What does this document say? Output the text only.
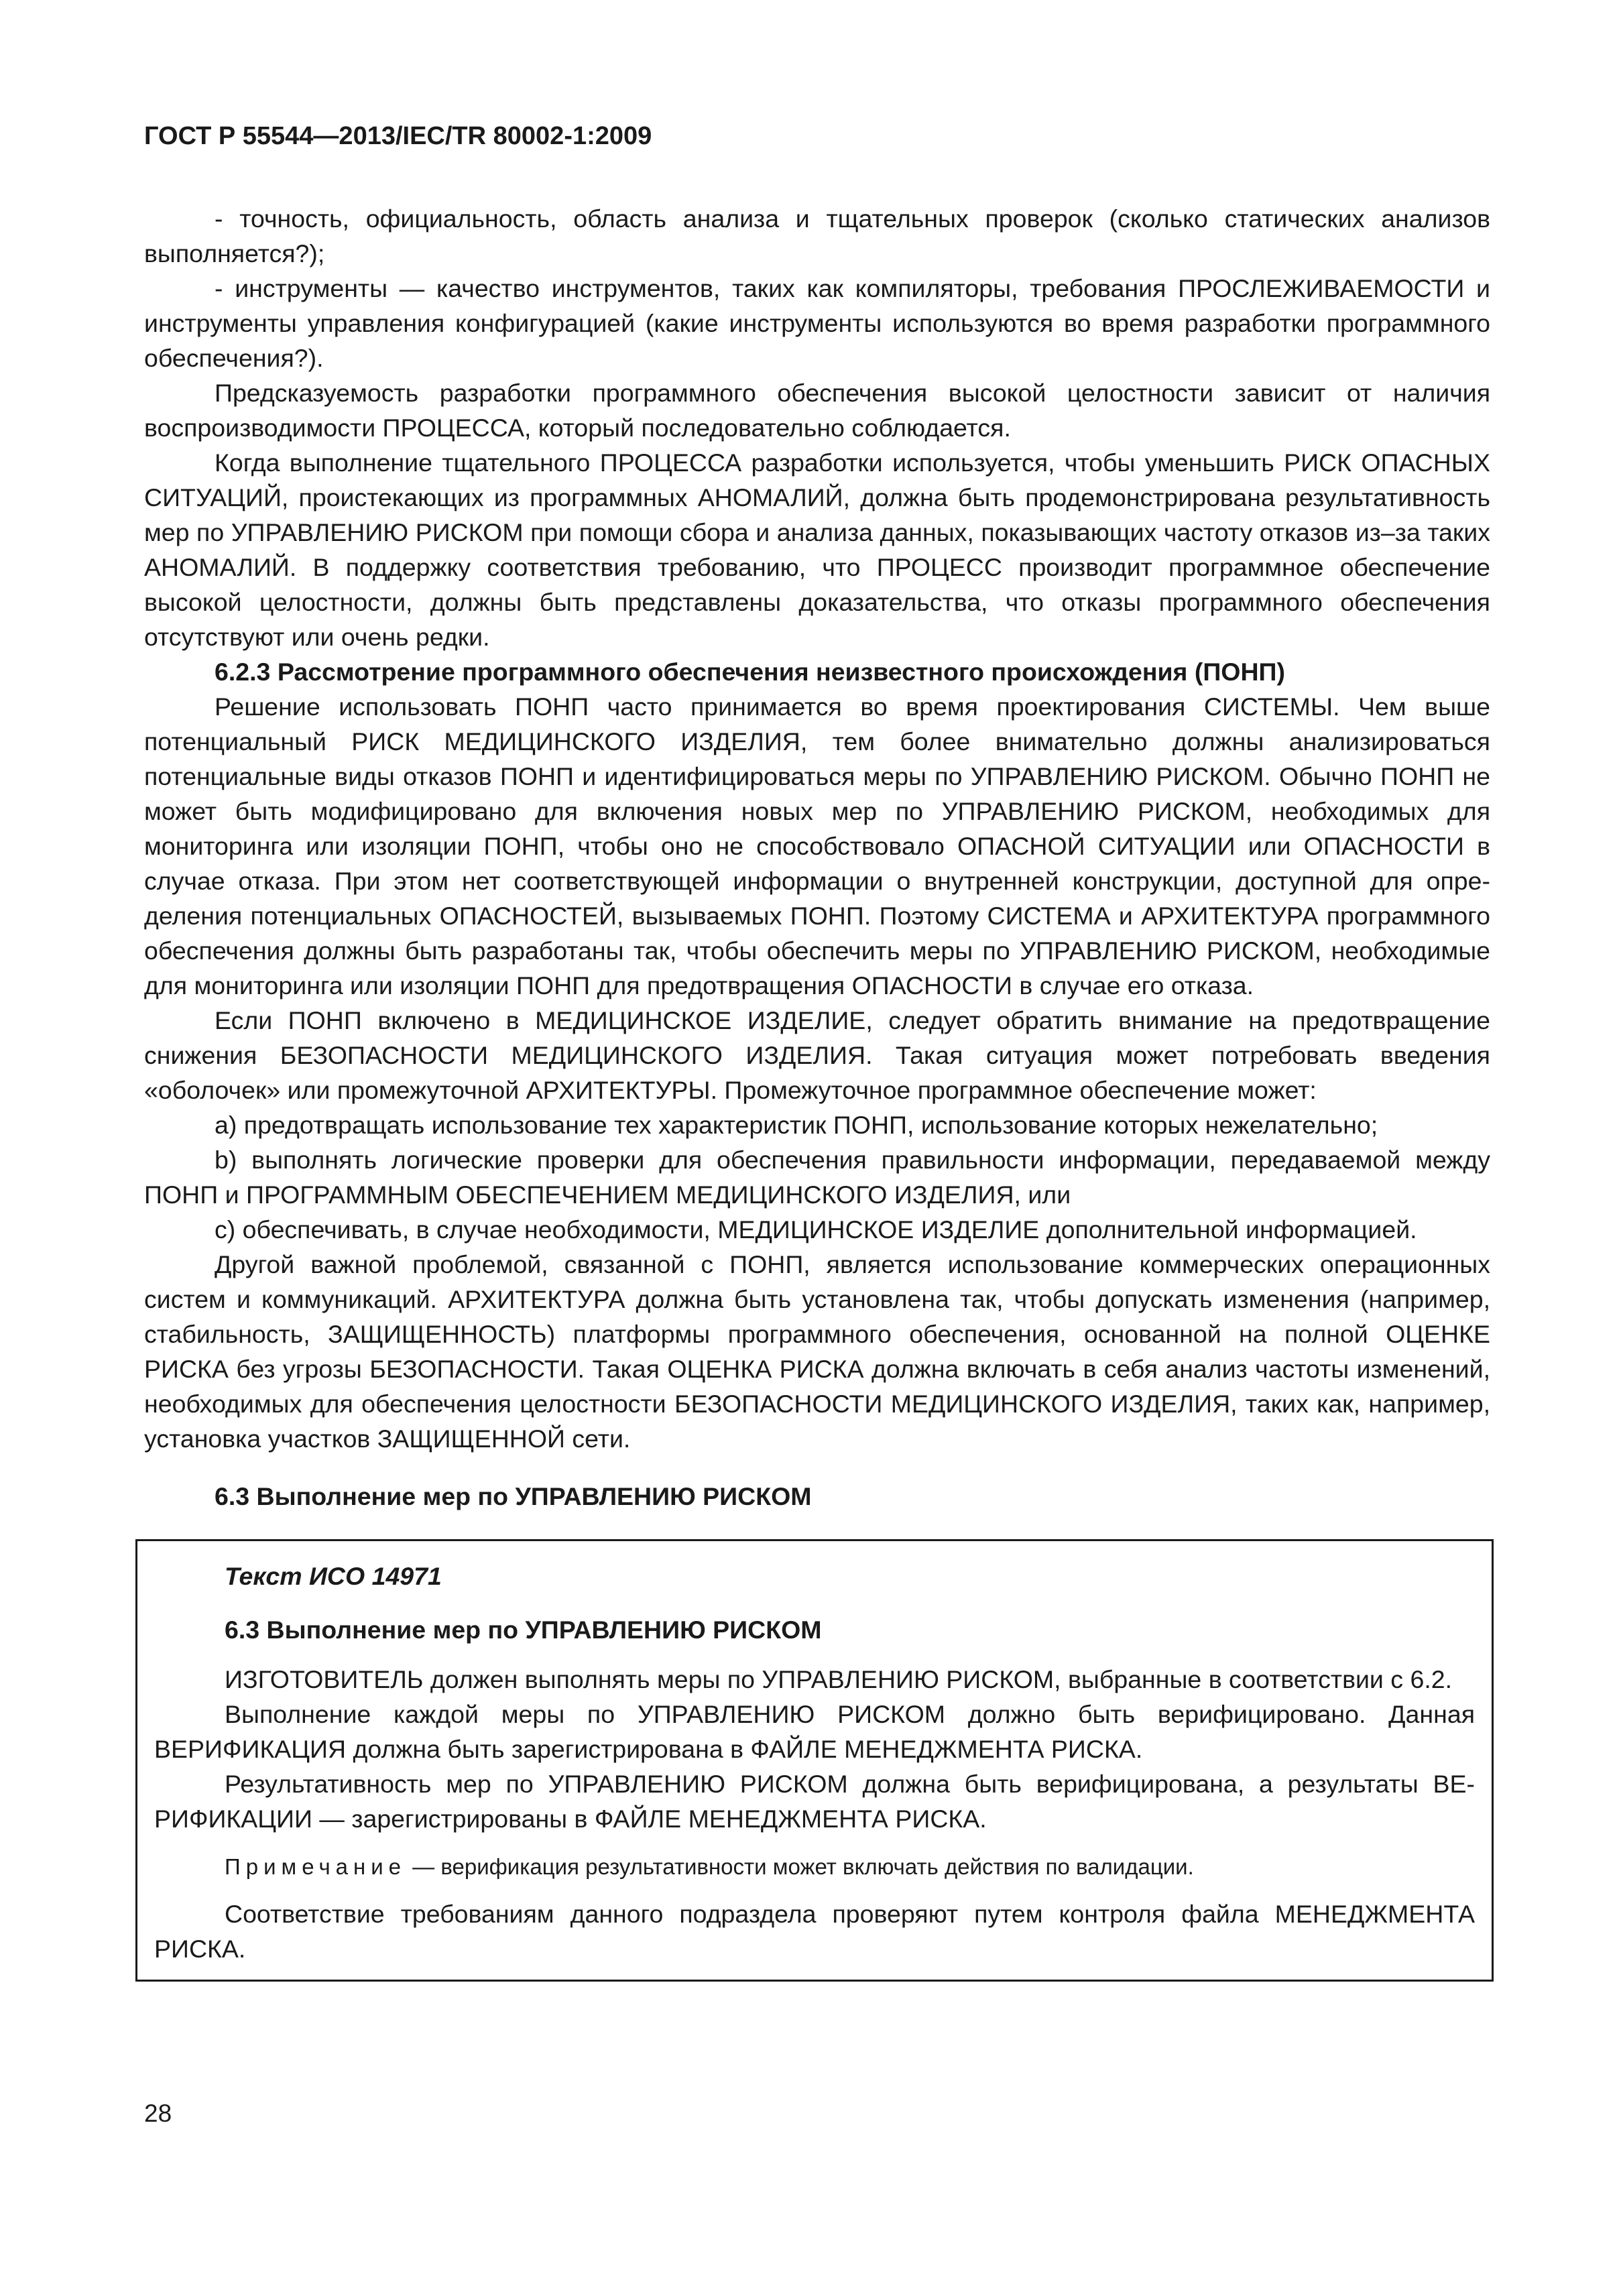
ГОСТ Р 55544—2013/IEC/TR 80002-1:2009

- точность, официальность, область анализа и тщательных проверок (сколько статических анализов выполняется?);

- инструменты — качество инструментов, таких как компиляторы, требования ПРОСЛЕЖИВАЕМОСТИ и инструменты управления конфигурацией (какие инструменты используются во время разработки программного обеспечения?).

Предсказуемость разработки программного обеспечения высокой целостности зависит от наличия воспроизводимости ПРОЦЕССА, который последовательно соблюдается.

Когда выполнение тщательного ПРОЦЕССА разработки используется, чтобы уменьшить РИСК ОПАСНЫХ СИТУАЦИЙ, проистекающих из программных АНОМАЛИЙ, должна быть продемонстрирована результативность мер по УПРАВЛЕНИЮ РИСКОМ при помощи сбора и анализа данных, показывающих частоту отказов из–за таких АНОМАЛИЙ. В поддержку соответствия требованию, что ПРОЦЕСС производит программное обеспечение высокой целостности, должны быть представлены доказательства, что отказы программного обеспечения отсутствуют или очень редки.

6.2.3 Рассмотрение программного обеспечения неизвестного происхождения (ПОНП)

Решение использовать ПОНП часто принимается во время проектирования СИСТЕМЫ. Чем выше потенциальный РИСК МЕДИЦИНСКОГО ИЗДЕЛИЯ, тем более внимательно должны анализироваться потенциальные виды отказов ПОНП и идентифицироваться меры по УПРАВЛЕНИЮ РИСКОМ. Обычно ПОНП не может быть модифицировано для включения новых мер по УПРАВЛЕНИЮ РИСКОМ, необходимых для мониторинга или изоляции ПОНП, чтобы оно не способствовало ОПАСНОЙ СИТУАЦИИ или ОПАСНОСТИ в случае отказа. При этом нет соответствующей информации о внутренней конструкции, доступной для определения потенциальных ОПАСНОСТЕЙ, вызываемых ПОНП. Поэтому СИСТЕМА и АРХИТЕКТУРА программного обеспечения должны быть разработаны так, чтобы обеспечить меры по УПРАВЛЕНИЮ РИСКОМ, необходимые для мониторинга или изоляции ПОНП для предотвращения ОПАСНОСТИ в случае его отказа.

Если ПОНП включено в МЕДИЦИНСКОЕ ИЗДЕЛИЕ, следует обратить внимание на предотвращение снижения БЕЗОПАСНОСТИ МЕДИЦИНСКОГО ИЗДЕЛИЯ. Такая ситуация может потребовать введения «оболочек» или промежуточной АРХИТЕКТУРЫ. Промежуточное программное обеспечение может:

a) предотвращать использование тех характеристик ПОНП, использование которых нежелательно;

b) выполнять логические проверки для обеспечения правильности информации, передаваемой между ПОНП и ПРОГРАММНЫМ ОБЕСПЕЧЕНИЕМ МЕДИЦИНСКОГО ИЗДЕЛИЯ, или

c) обеспечивать, в случае необходимости, МЕДИЦИНСКОЕ ИЗДЕЛИЕ дополнительной информацией.

Другой важной проблемой, связанной с ПОНП, является использование коммерческих операционных систем и коммуникаций. АРХИТЕКТУРА должна быть установлена так, чтобы допускать изменения (например, стабильность, ЗАЩИЩЕННОСТЬ) платформы программного обеспечения, основанной на полной ОЦЕНКЕ РИСКА без угрозы БЕЗОПАСНОСТИ. Такая ОЦЕНКА РИСКА должна включать в себя анализ частоты изменений, необходимых для обеспечения целостности БЕЗОПАСНОСТИ МЕДИЦИНСКОГО ИЗДЕЛИЯ, таких как, например, установка участков ЗАЩИЩЕННОЙ сети.

6.3 Выполнение мер по УПРАВЛЕНИЮ РИСКОМ

Текст ИСО 14971

6.3 Выполнение мер по УПРАВЛЕНИЮ РИСКОМ

ИЗГОТОВИТЕЛЬ должен выполнять меры по УПРАВЛЕНИЮ РИСКОМ, выбранные в соответствии с 6.2.

Выполнение каждой меры по УПРАВЛЕНИЮ РИСКОМ должно быть верифицировано. Данная ВЕРИФИКАЦИЯ должна быть зарегистрирована в ФАЙЛЕ МЕНЕДЖМЕНТА РИСКА.

Результативность мер по УПРАВЛЕНИЮ РИСКОМ должна быть верифицирована, а результаты ВЕРИФИКАЦИИ — зарегистрированы в ФАЙЛЕ МЕНЕДЖМЕНТА РИСКА.

Примечание — верификация результативности может включать действия по валидации.

Соответствие требованиям данного подраздела проверяют путем контроля файла МЕНЕДЖМЕНТА РИСКА.

28
